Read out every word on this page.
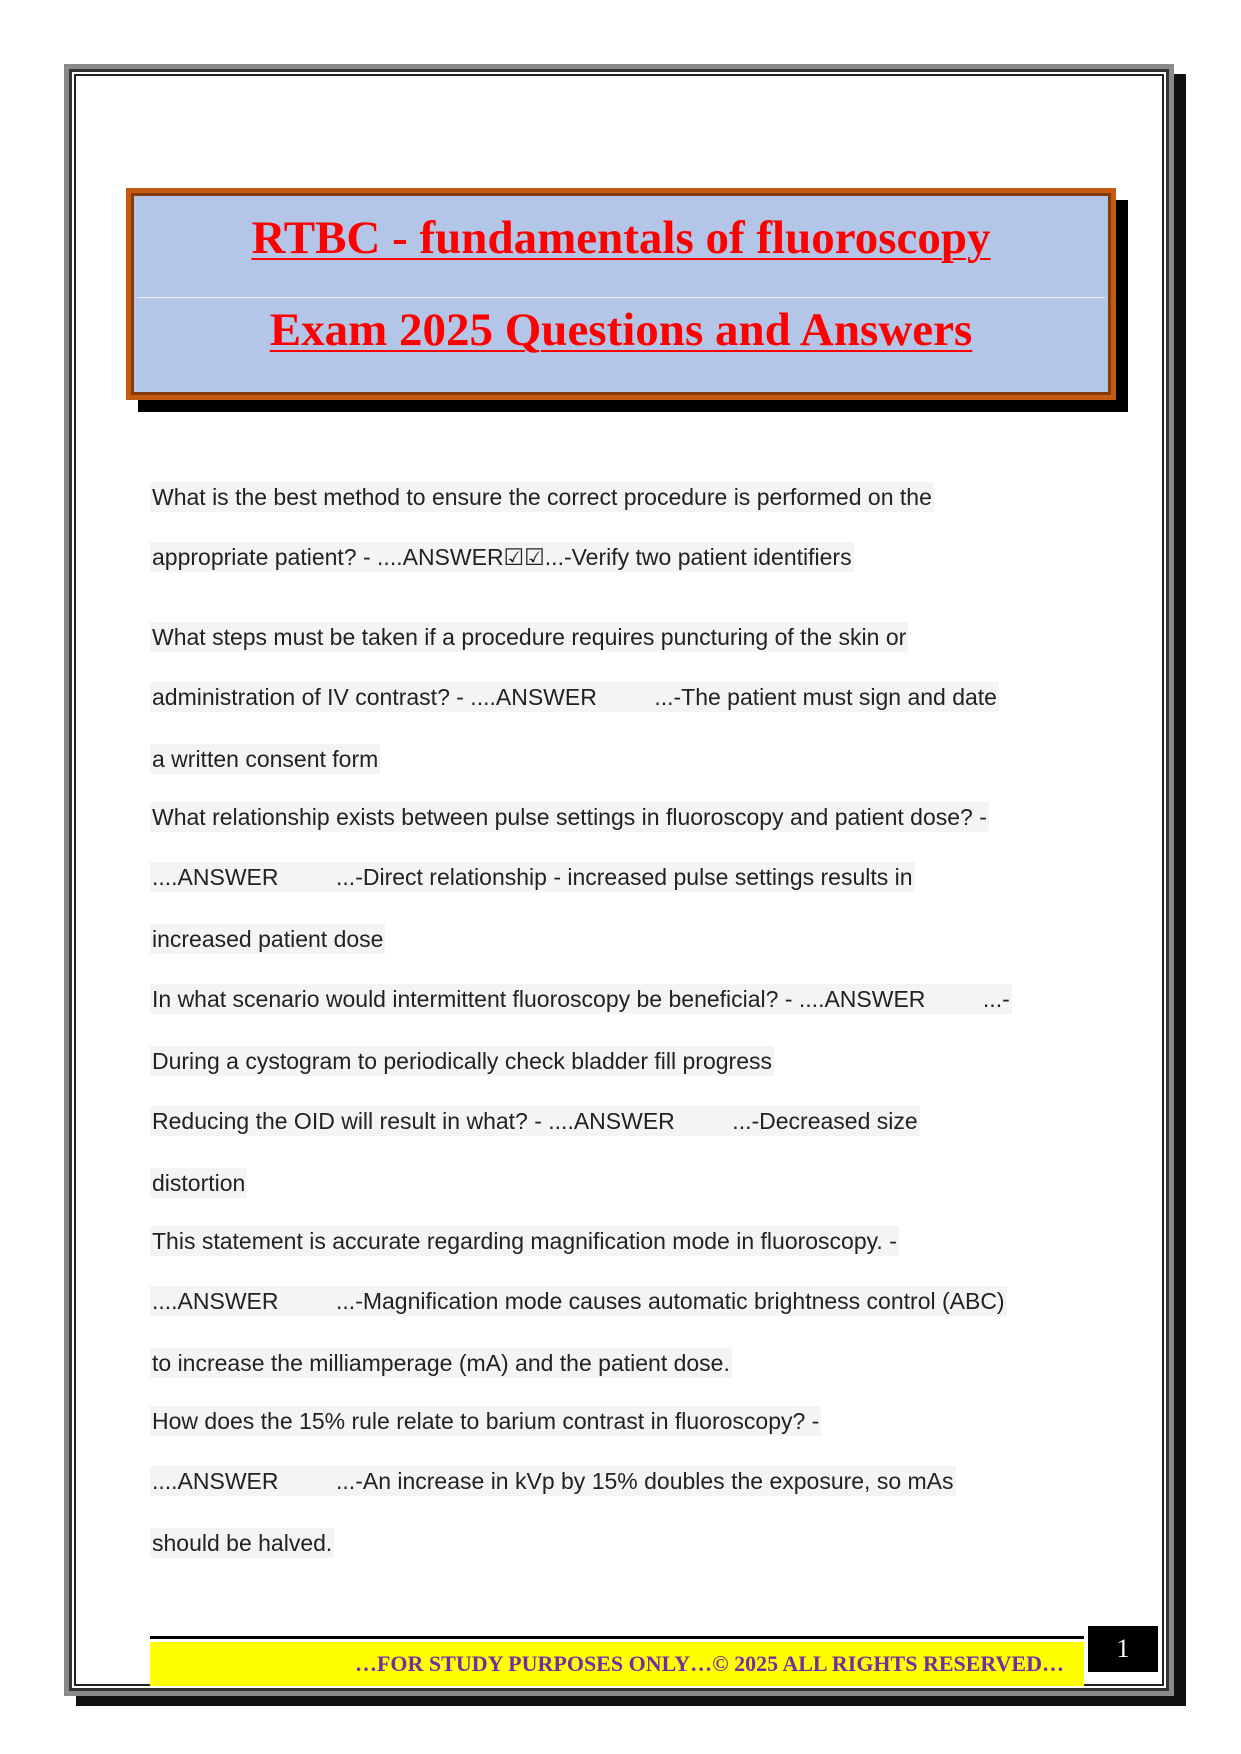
RTBC - fundamentals of fluoroscopy
Exam 2025 Questions and Answers
What is the best method to ensure the correct procedure is performed on the
appropriate patient? - ....ANSWER☑☑...-Verify two patient identifiers
What steps must be taken if a procedure requires puncturing of the skin or
administration of IV contrast? - ....ANSWER         ...-The patient must sign and date
a written consent form
What relationship exists between pulse settings in fluoroscopy and patient dose? -
....ANSWER         ...-Direct relationship - increased pulse settings results in
increased patient dose
In what scenario would intermittent fluoroscopy be beneficial? - ....ANSWER         ...-
During a cystogram to periodically check bladder fill progress
Reducing the OID will result in what? - ....ANSWER         ...-Decreased size
distortion
This statement is accurate regarding magnification mode in fluoroscopy. -
....ANSWER         ...-Magnification mode causes automatic brightness control (ABC)
to increase the milliamperage (mA) and the patient dose.
How does the 15% rule relate to barium contrast in fluoroscopy? -
....ANSWER         ...-An increase in kVp by 15% doubles the exposure, so mAs
should be halved.
…FOR STUDY PURPOSES ONLY…© 2025 ALL RIGHTS RESERVED…
1
